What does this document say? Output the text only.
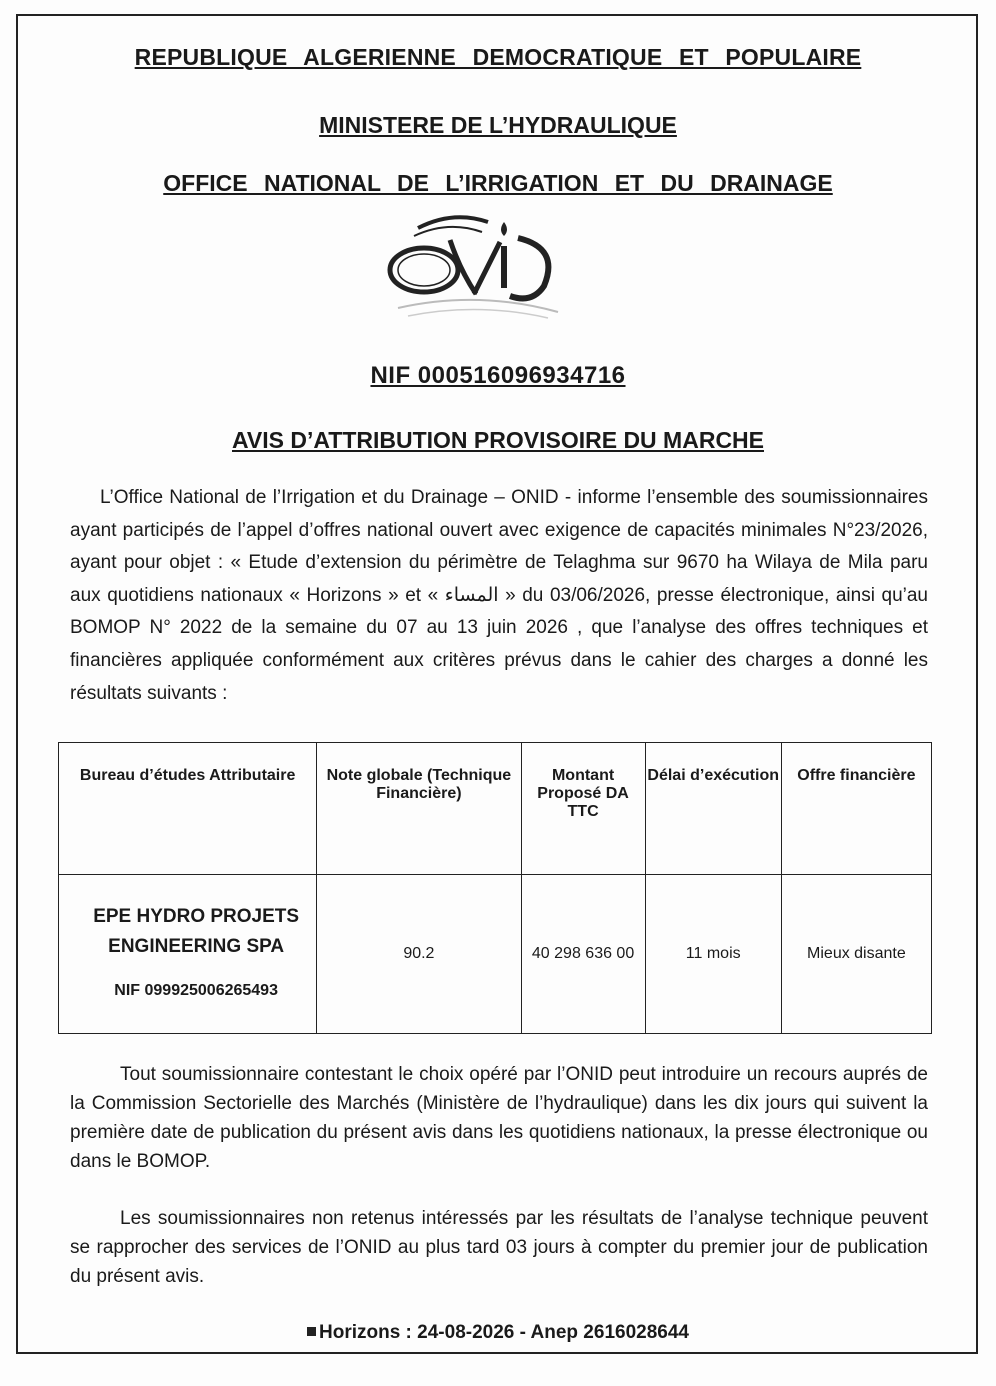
REPUBLIQUE ALGERIENNE DEMOCRATIQUE ET POPULAIRE
MINISTERE DE L’HYDRAULIQUE
OFFICE NATIONAL DE L’IRRIGATION ET DU DRAINAGE
NIF 000516096934716
AVIS D’ATTRIBUTION PROVISOIRE DU MARCHE
L’Office National de l’Irrigation et du Drainage – ONID - informe l’ensemble des soumissionnaires ayant participés de l’appel d’offres national ouvert avec exigence de capacités minimales N°23/2026, ayant pour objet : « Etude d’extension du périmètre de Telaghma sur 9670 ha Wilaya de Mila paru aux quotidiens nationaux « Horizons » et « المساء » du 03/06/2026, presse électronique, ainsi qu’au BOMOP N° 2022 de la semaine du 07 au 13 juin 2026 , que l’analyse des offres techniques et financières appliquée conformément aux critères prévus dans le cahier des charges a donné les résultats suivants :
Bureau d’études Attributaire	Note globale (Technique Financière)	Montant Proposé DA TTC	Délai d’exécution	Offre financière
EPE HYDRO PROJETS ENGINEERING SPA
NIF 099925006265493	90.2	40 298 636 00	11 mois	Mieux disante
Tout soumissionnaire contestant le choix opéré par l’ONID peut introduire un recours auprés de la Commission Sectorielle des Marchés (Ministère de l’hydraulique) dans les dix jours qui suivent la première date de publication du présent avis dans les quotidiens nationaux, la presse électronique ou dans le BOMOP.
Les soumissionnaires non retenus intéressés par les résultats de l’analyse technique peuvent se rapprocher des services de l’ONID au plus tard 03 jours à compter du premier jour de publication du présent avis.
Horizons : 24-08-2026 - Anep 2616028644
